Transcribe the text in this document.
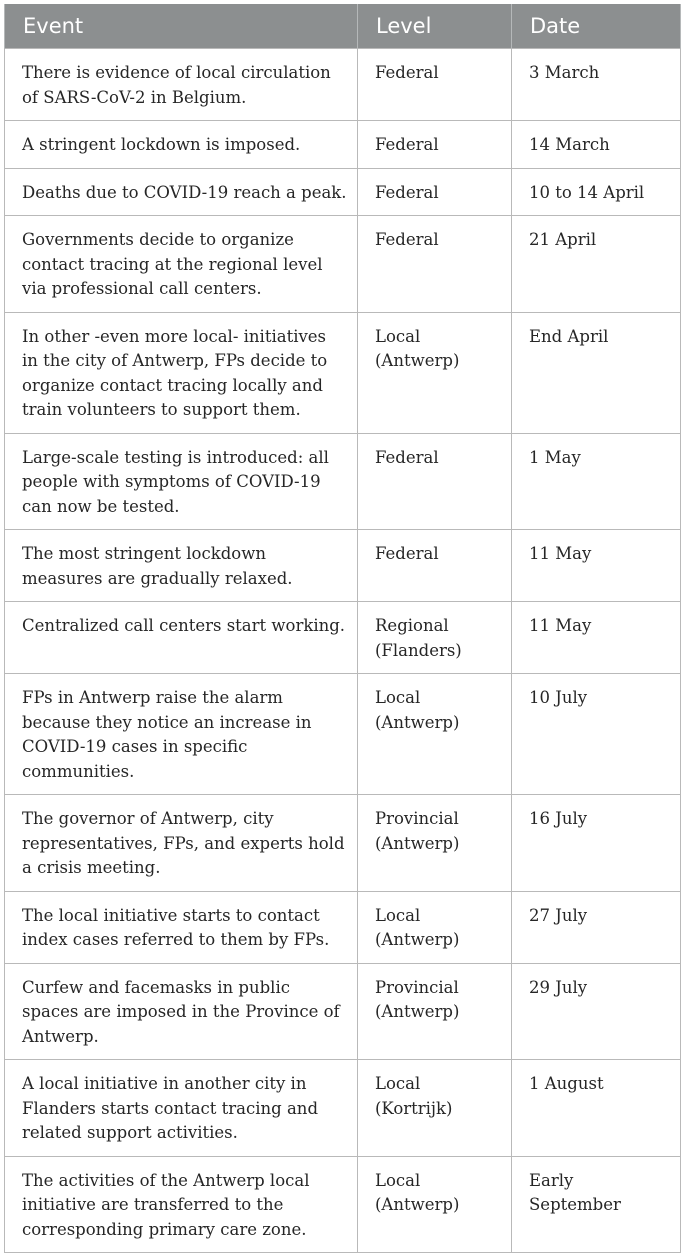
Event	Level	Date
There is evidence of local circulation of SARS-CoV-2 in Belgium.	Federal	3 March
A stringent lockdown is imposed.	Federal	14 March
Deaths due to COVID-19 reach a peak.	Federal	10 to 14 April
Governments decide to organize contact tracing at the regional level via professional call centers.	Federal	21 April
In other -even more local- initiatives in the city of Antwerp, FPs decide to organize contact tracing locally and train volunteers to support them.	Local (Antwerp)	End April
Large-scale testing is introduced: all people with symptoms of COVID-19 can now be tested.	Federal	1 May
The most stringent lockdown measures are gradually relaxed.	Federal	11 May
Centralized call centers start working.	Regional (Flanders)	11 May
FPs in Antwerp raise the alarm because they notice an increase in COVID-19 cases in specific communities.	Local (Antwerp)	10 July
The governor of Antwerp, city representatives, FPs, and experts hold a crisis meeting.	Provincial (Antwerp)	16 July
The local initiative starts to contact index cases referred to them by FPs.	Local (Antwerp)	27 July
Curfew and facemasks in public spaces are imposed in the Province of Antwerp.	Provincial (Antwerp)	29 July
A local initiative in another city in Flanders starts contact tracing and related support activities.	Local (Kortrijk)	1 August
The activities of the Antwerp local initiative are transferred to the corresponding primary care zone.	Local (Antwerp)	Early September
